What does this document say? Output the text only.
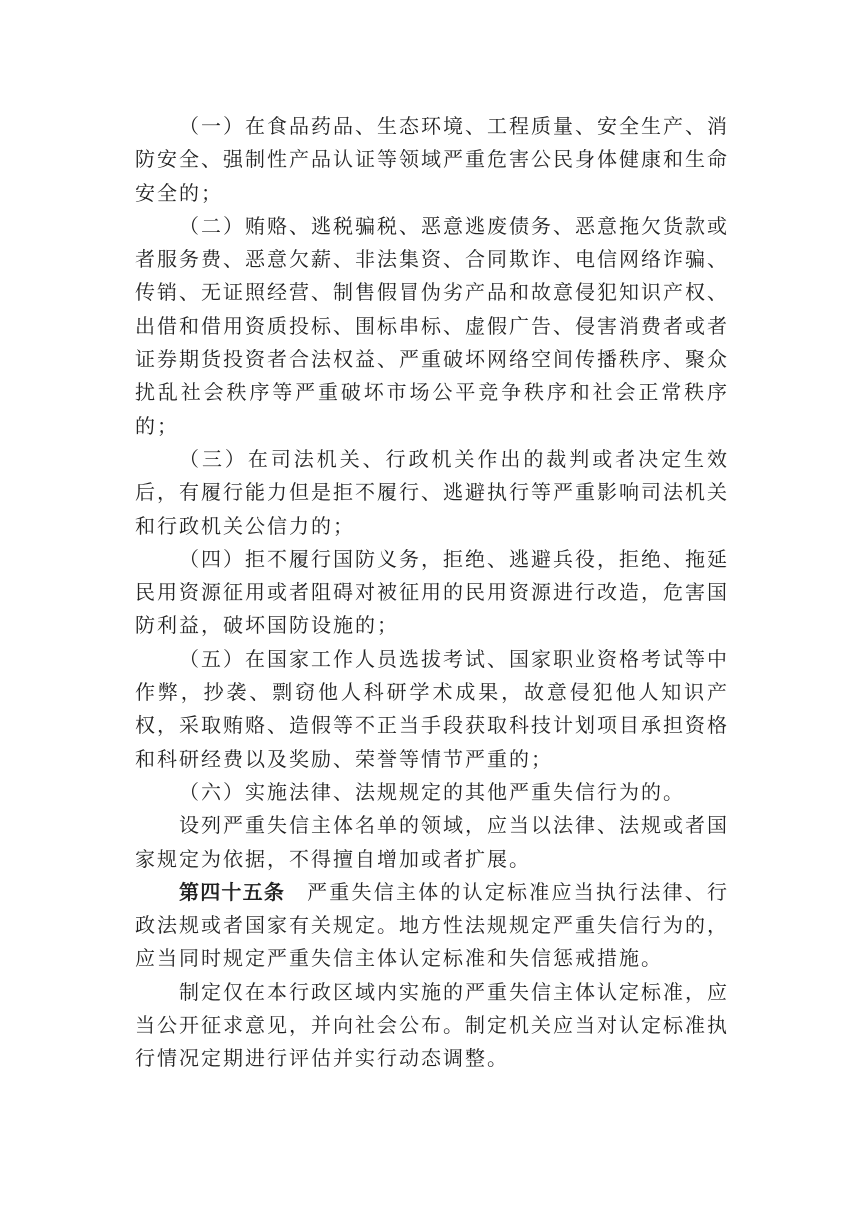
（一）在食品药品、生态环境、工程质量、安全生产、消防安全、强制性产品认证等领域严重危害公民身体健康和生命安全的；

（二）贿赂、逃税骗税、恶意逃废债务、恶意拖欠货款或者服务费、恶意欠薪、非法集资、合同欺诈、电信网络诈骗、传销、无证照经营、制售假冒伪劣产品和故意侵犯知识产权、出借和借用资质投标、围标串标、虚假广告、侵害消费者或者证券期货投资者合法权益、严重破坏网络空间传播秩序、聚众扰乱社会秩序等严重破坏市场公平竞争秩序和社会正常秩序的；

（三）在司法机关、行政机关作出的裁判或者决定生效后，有履行能力但是拒不履行、逃避执行等严重影响司法机关和行政机关公信力的；

（四）拒不履行国防义务，拒绝、逃避兵役，拒绝、拖延民用资源征用或者阻碍对被征用的民用资源进行改造，危害国防利益，破坏国防设施的；

（五）在国家工作人员选拔考试、国家职业资格考试等中作弊，抄袭、剽窃他人科研学术成果，故意侵犯他人知识产权，采取贿赂、造假等不正当手段获取科技计划项目承担资格和科研经费以及奖励、荣誉等情节严重的；

（六）实施法律、法规规定的其他严重失信行为的。

设列严重失信主体名单的领域，应当以法律、法规或者国家规定为依据，不得擅自增加或者扩展。

第四十五条 严重失信主体的认定标准应当执行法律、行政法规或者国家有关规定。地方性法规规定严重失信行为的，应当同时规定严重失信主体认定标准和失信惩戒措施。

制定仅在本行政区域内实施的严重失信主体认定标准，应当公开征求意见，并向社会公布。制定机关应当对认定标准执行情况定期进行评估并实行动态调整。
